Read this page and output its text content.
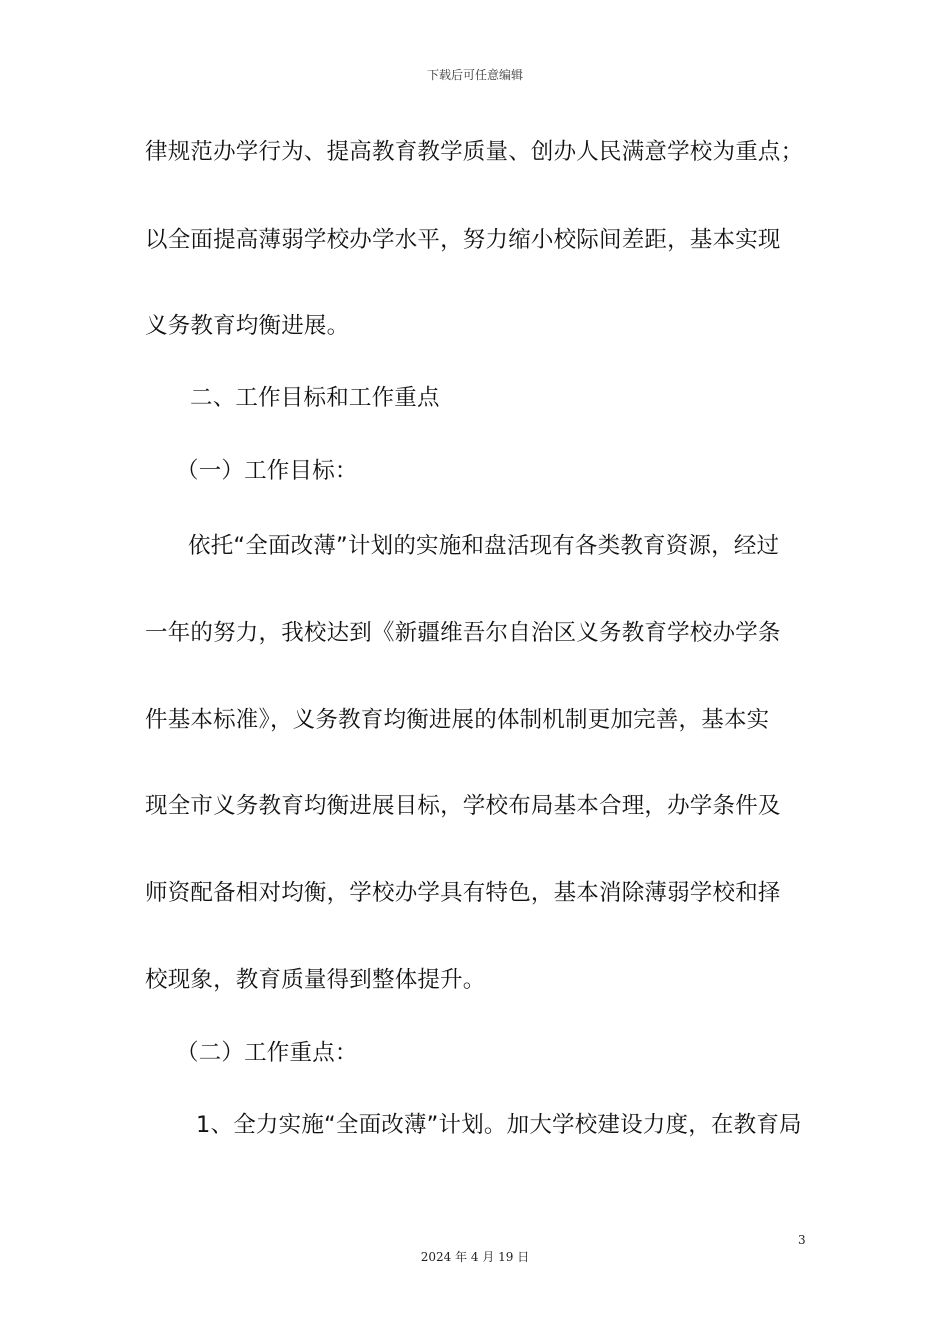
下载后可任意编辑
律规范办学行为、提高教育教学质量、创办人民满意学校为重点；
以全面提高薄弱学校办学水平，努力缩小校际间差距，基本实现
义务教育均衡进展。
二、工作目标和工作重点
（一）工作目标：
依托“全面改薄”计划的实施和盘活现有各类教育资源，经过
一年的努力，我校达到《新疆维吾尔自治区义务教育学校办学条
件基本标准》，义务教育均衡进展的体制机制更加完善，基本实
现全市义务教育均衡进展目标，学校布局基本合理，办学条件及
师资配备相对均衡，学校办学具有特色，基本消除薄弱学校和择
校现象，教育质量得到整体提升。
（二）工作重点：
1、全力实施“全面改薄”计划。加大学校建设力度，在教育局
3
2024 年 4 月 19 日
